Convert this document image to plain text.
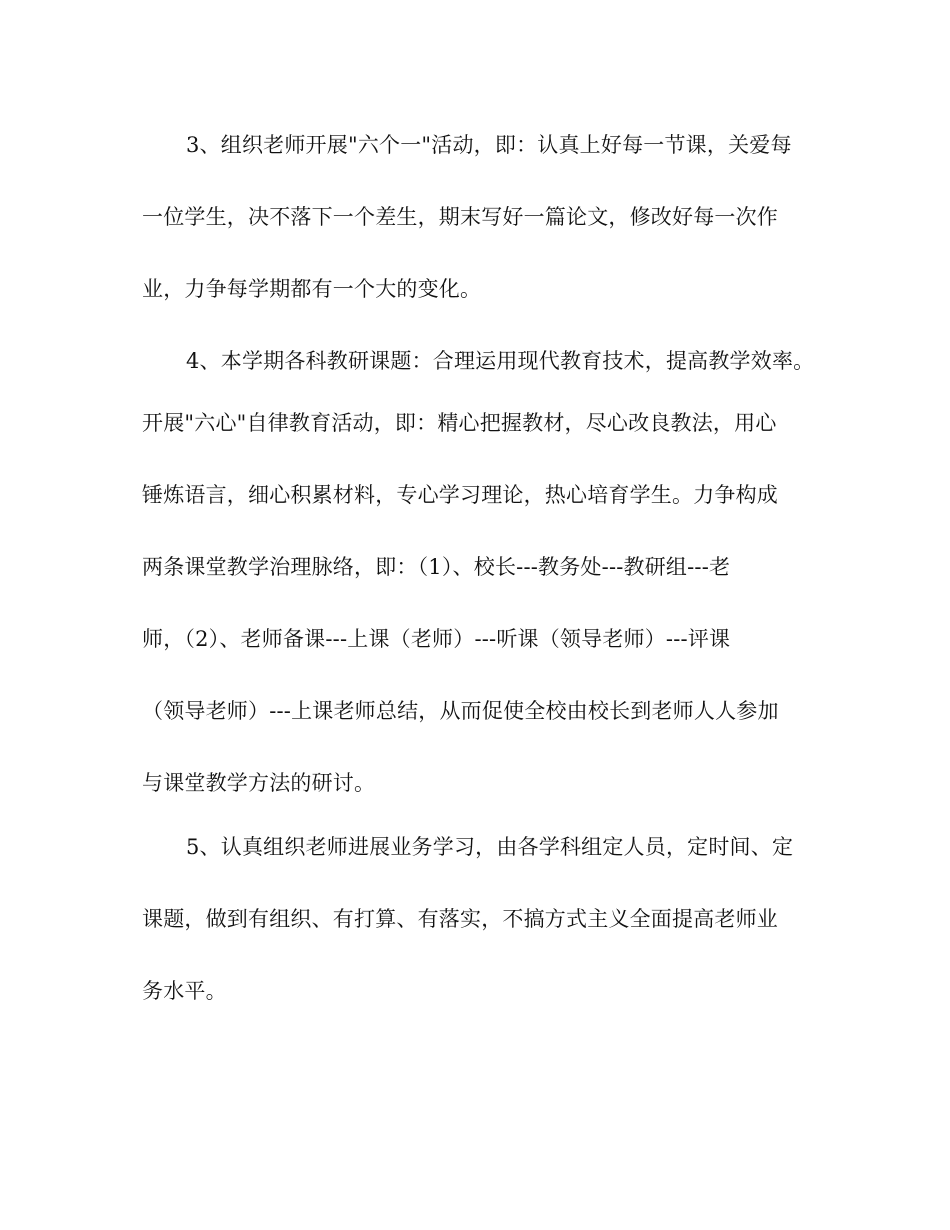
3、组织老师开展"六个一"活动，即：认真上好每一节课，关爱每
一位学生，决不落下一个差生，期末写好一篇论文，修改好每一次作
业，力争每学期都有一个大的变化。
4、本学期各科教研课题：合理运用现代教育技术，提高教学效率。
开展"六心"自律教育活动，即：精心把握教材，尽心改良教法，用心
锤炼语言，细心积累材料，专心学习理论，热心培育学生。力争构成
两条课堂教学治理脉络，即：（1）、校长---教务处---教研组---老
师，（2）、老师备课---上课（老师）---听课（领导老师）---评课
（领导老师）---上课老师总结，从而促使全校由校长到老师人人参加
与课堂教学方法的研讨。
5、认真组织老师进展业务学习，由各学科组定人员，定时间、定
课题，做到有组织、有打算、有落实，不搞方式主义全面提高老师业
务水平。
